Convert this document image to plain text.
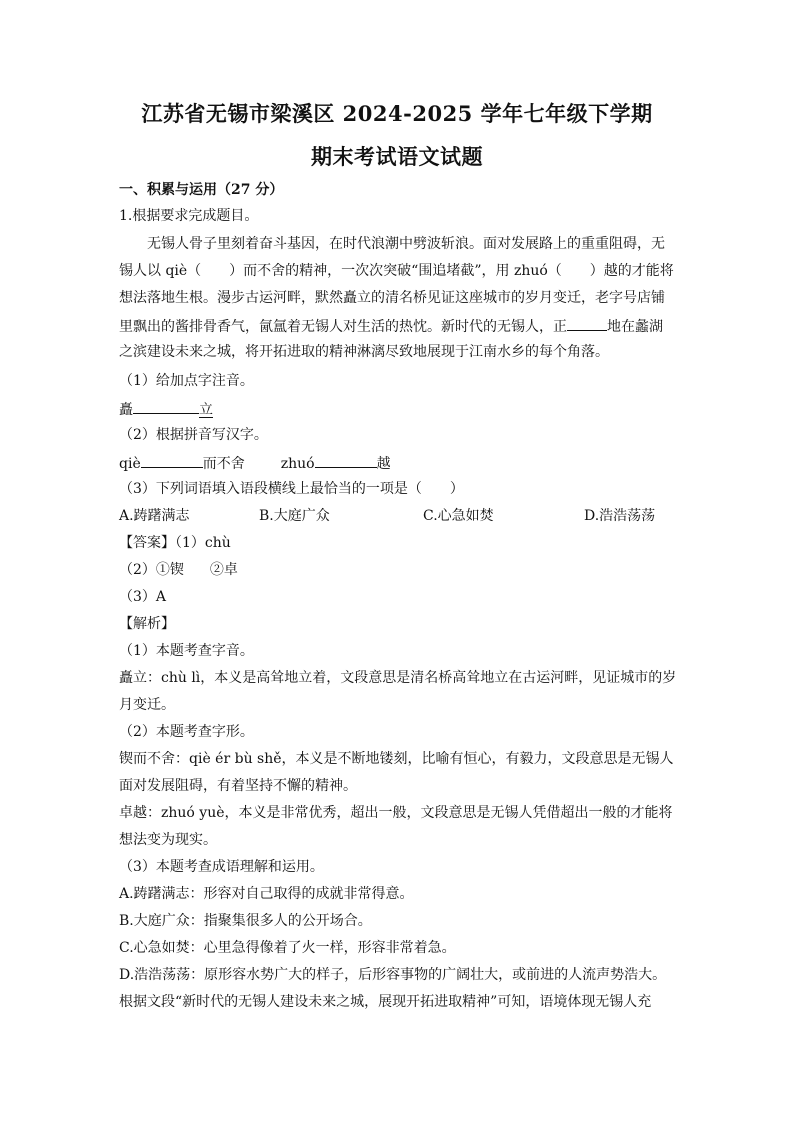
江苏省无锡市梁溪区 2024-2025 学年七年级下学期
期末考试语文试题
一、积累与运用（27 分）
1.根据要求完成题目。
无锡人骨子里刻着奋斗基因，在时代浪潮中劈波斩浪。面对发展路上的重重阻碍，无
锡人以 qiè（　　）而不舍的精神，一次次突破“围追堵截”，用 zhuó（　　）越的才能将
想法落地生根。漫步古运河畔，默然矗立的清名桥见证这座城市的岁月变迁，老字号店铺
里飘出的酱排骨香气，氤氲着无锡人对生活的热忱。新时代的无锡人，正	地在蠡湖
之滨建设未来之城，将开拓进取的精神淋漓尽致地展现于江南水乡的每个角落。
（1）给加点字注音。
矗	立
（2）根据拼音写汉字。
qiè	而不舍	zhuó	越
（3）下列词语填入语段横线上最恰当的一项是（　　）
A.踌躇满志	B.大庭广众	C.心急如焚	D.浩浩荡荡
【答案】（1）chù
（2）①锲 ②卓
（3）A
【解析】
（1）本题考查字音。
矗立：chù lì，本义是高耸地立着，文段意思是清名桥高耸地立在古运河畔，见证城市的岁
月变迁。
（2）本题考查字形。
锲而不舍：qiè ér bù shě，本义是不断地镂刻，比喻有恒心，有毅力，文段意思是无锡人
面对发展阻碍，有着坚持不懈的精神。
卓越：zhuó yuè，本义是非常优秀，超出一般，文段意思是无锡人凭借超出一般的才能将
想法变为现实。
（3）本题考查成语理解和运用。
A.踌躇满志：形容对自己取得的成就非常得意。
B.大庭广众：指聚集很多人的公开场合。
C.心急如焚：心里急得像着了火一样，形容非常着急。
D.浩浩荡荡：原形容水势广大的样子，后形容事物的广阔壮大，或前进的人流声势浩大。
根据文段“新时代的无锡人建设未来之城，展现开拓进取精神”可知，语境体现无锡人充
